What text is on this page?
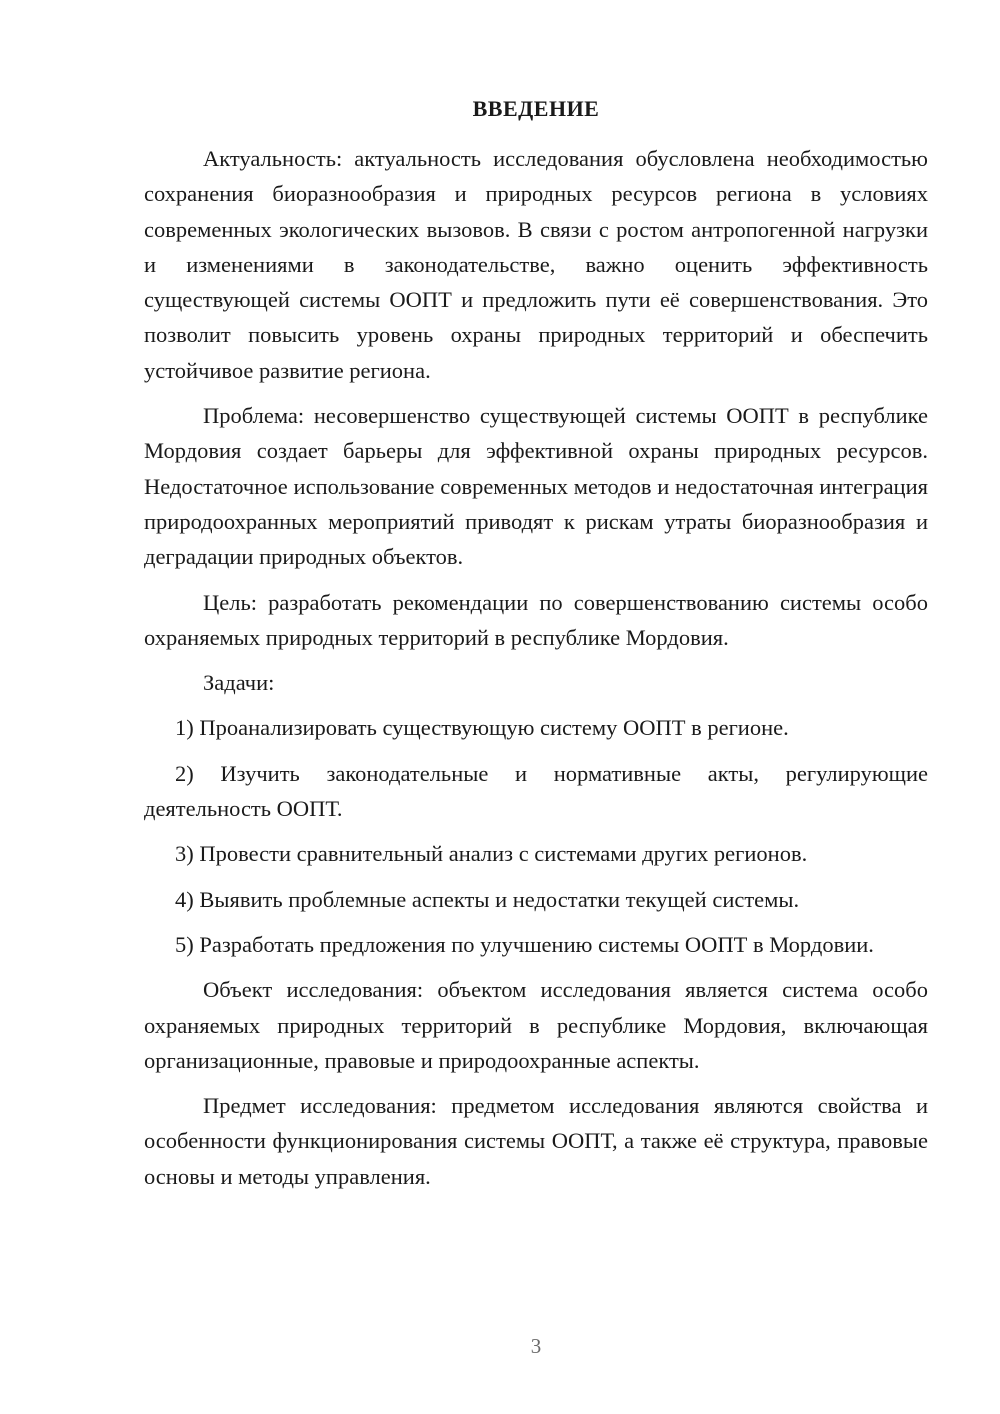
ВВЕДЕНИЕ

Актуальность: актуальность исследования обусловлена необходимостью сохранения биоразнообразия и природных ресурсов региона в условиях современных экологических вызовов. В связи с ростом антропогенной нагрузки и изменениями в законодательстве, важно оценить эффективность существующей системы ООПТ и предложить пути её совершенствования. Это позволит повысить уровень охраны природных территорий и обеспечить устойчивое развитие региона.

Проблема: несовершенство существующей системы ООПТ в республике Мордовия создает барьеры для эффективной охраны природных ресурсов. Недостаточное использование современных методов и недостаточная интеграция природоохранных мероприятий приводят к рискам утраты биоразнообразия и деградации природных объектов.

Цель: разработать рекомендации по совершенствованию системы особо охраняемых природных территорий в республике Мордовия.

Задачи:

1) Проанализировать существующую систему ООПТ в регионе.

2) Изучить законодательные и нормативные акты, регулирующие деятельность ООПТ.

3) Провести сравнительный анализ с системами других регионов.

4) Выявить проблемные аспекты и недостатки текущей системы.

5) Разработать предложения по улучшению системы ООПТ в Мордовии.

Объект исследования: объектом исследования является система особо охраняемых природных территорий в республике Мордовия, включающая организационные, правовые и природоохранные аспекты.

Предмет исследования: предметом исследования являются свойства и особенности функционирования системы ООПТ, а также её структура, правовые основы и методы управления.

3
